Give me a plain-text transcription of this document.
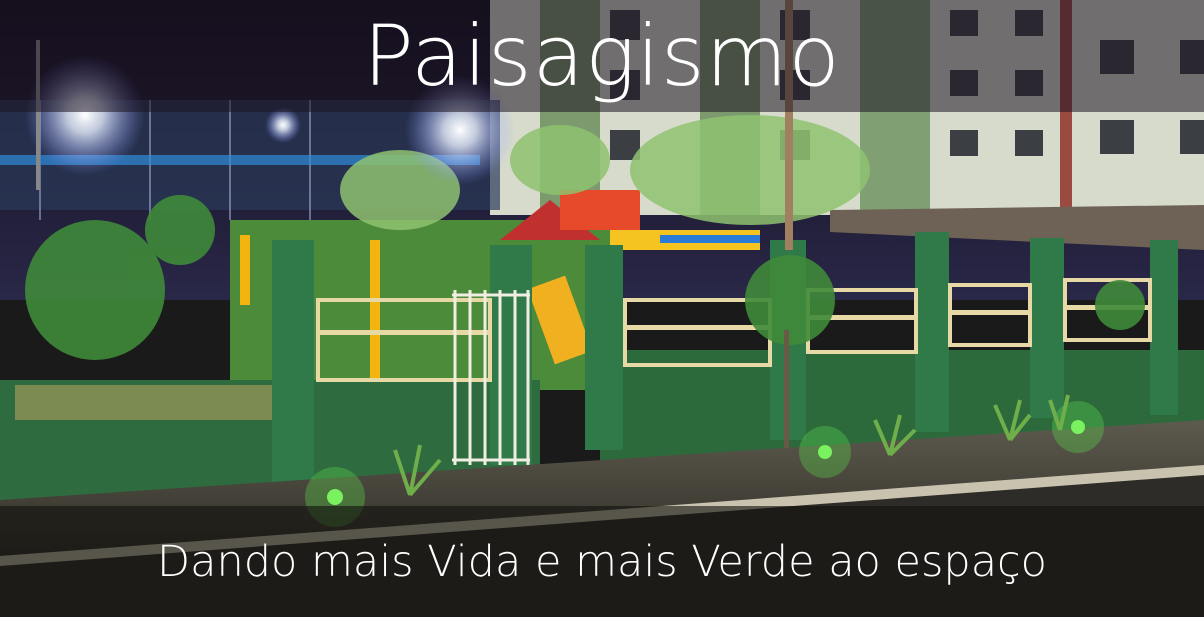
Paisagismo
Dando mais Vida e mais Verde ao espaço
